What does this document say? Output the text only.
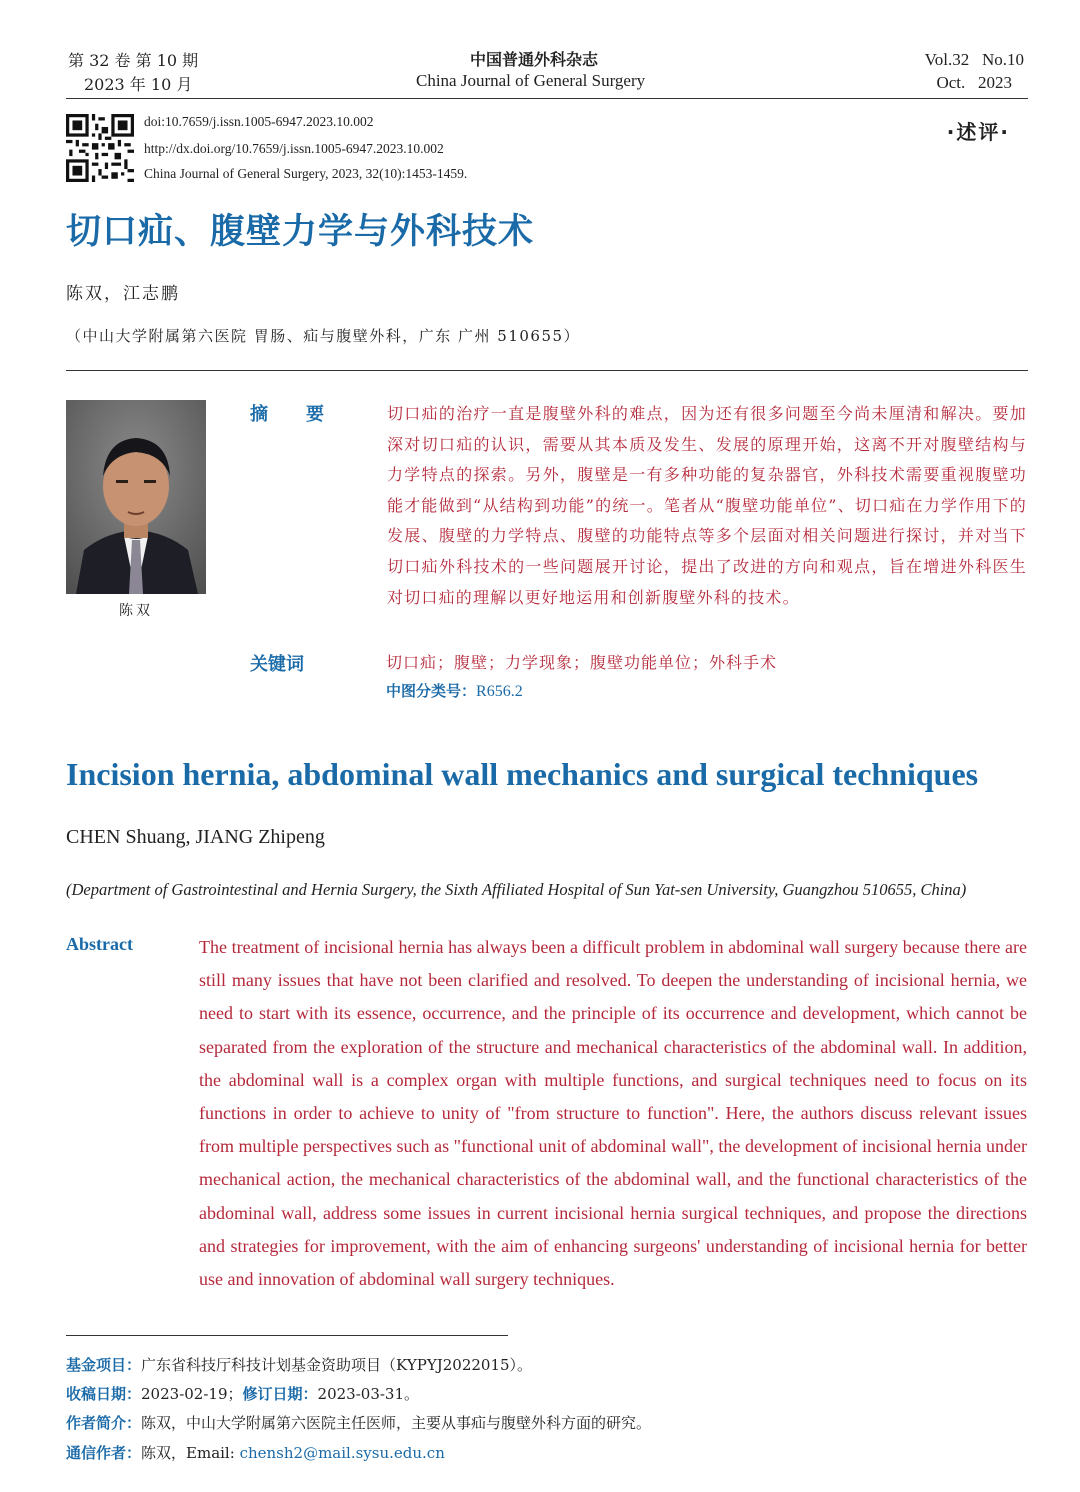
第 32 卷 第 10 期
2023 年 10 月
中国普通外科杂志
China Journal of General Surgery
Vol.32   No.10
Oct.   2023
doi:10.7659/j.issn.1005-6947.2023.10.002
http://dx.doi.org/10.7659/j.issn.1005-6947.2023.10.002
China Journal of General Surgery, 2023, 32(10):1453-1459.
·述评·
切口疝、腹壁力学与外科技术
陈双，江志鹏
（中山大学附属第六医院 胃肠、疝与腹壁外科，广东 广州 510655）
陈双
摘　要	切口疝的治疗一直是腹壁外科的难点，因为还有很多问题至今尚未厘清和解决。要加深对切口疝的认识，需要从其本质及发生、发展的原理开始，这离不开对腹壁结构与力学特点的探索。另外，腹壁是一有多种功能的复杂器官，外科技术需要重视腹壁功能才能做到“从结构到功能”的统一。笔者从“腹壁功能单位”、切口疝在力学作用下的发展、腹壁的力学特点、腹壁的功能特点等多个层面对相关问题进行探讨，并对当下切口疝外科技术的一些问题展开讨论，提出了改进的方向和观点，旨在增进外科医生对切口疝的理解以更好地运用和创新腹壁外科的技术。
关键词	切口疝；腹壁；力学现象；腹壁功能单位；外科手术
中图分类号：R656.2
Incision hernia, abdominal wall mechanics and surgical techniques
CHEN Shuang, JIANG Zhipeng
(Department of Gastrointestinal and Hernia Surgery, the Sixth Affiliated Hospital of Sun Yat-sen University, Guangzhou 510655, China)
Abstract	The treatment of incisional hernia has always been a difficult problem in abdominal wall surgery because there are still many issues that have not been clarified and resolved. To deepen the understanding of incisional hernia, we need to start with its essence, occurrence, and the principle of its occurrence and development, which cannot be separated from the exploration of the structure and mechanical characteristics of the abdominal wall. In addition, the abdominal wall is a complex organ with multiple functions, and surgical techniques need to focus on its functions in order to achieve to unity of "from structure to function". Here, the authors discuss relevant issues from multiple perspectives such as "functional unit of abdominal wall", the development of incisional hernia under mechanical action, the mechanical characteristics of the abdominal wall, and the functional characteristics of the abdominal wall, address some issues in current incisional hernia surgical techniques, and propose the directions and strategies for improvement, with the aim of enhancing surgeons' understanding of incisional hernia for better use and innovation of abdominal wall surgery techniques.
基金项目：广东省科技厅科技计划基金资助项目（KYPYJ2022015）。
收稿日期：2023-02-19；修订日期：2023-03-31。
作者简介：陈双，中山大学附属第六医院主任医师，主要从事疝与腹壁外科方面的研究。
通信作者：陈双，Email: chensh2@mail.sysu.edu.cn
